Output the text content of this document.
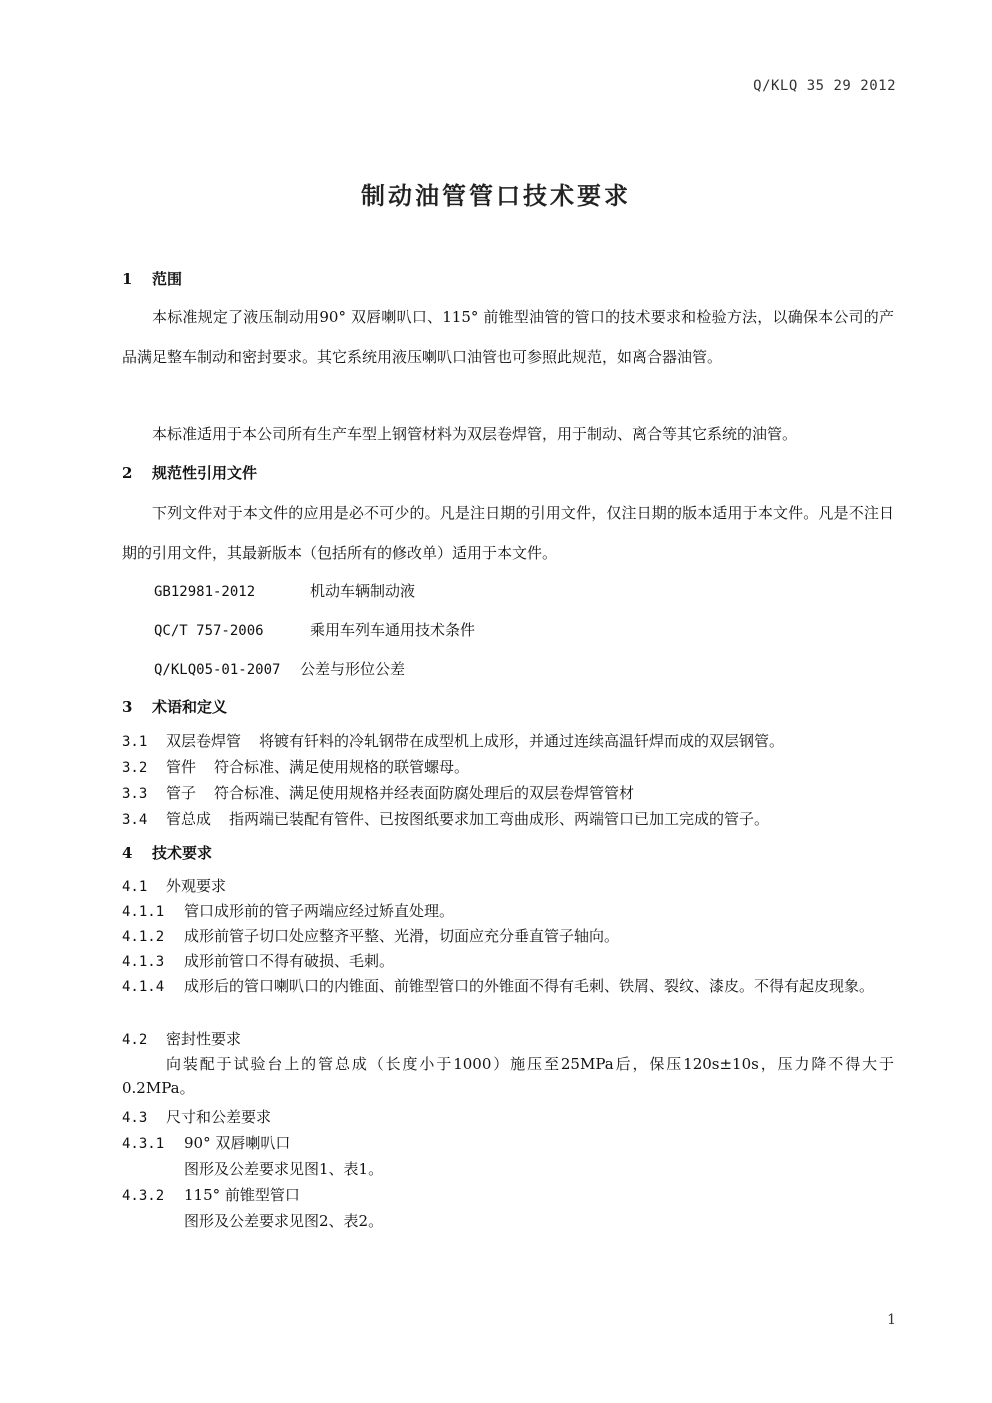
Q/KLQ 35 29 2012
制动油管管口技术要求
1 范围
本标准规定了液压制动用90° 双唇喇叭口、115° 前锥型油管的管口的技术要求和检验方法，以确保本公司的产品满足整车制动和密封要求。其它系统用液压喇叭口油管也可参照此规范，如离合器油管。
本标准适用于本公司所有生产车型上钢管材料为双层卷焊管，用于制动、离合等其它系统的油管。
2 规范性引用文件
下列文件对于本文件的应用是必不可少的。凡是注日期的引用文件，仅注日期的版本适用于本文件。凡是不注日期的引用文件，其最新版本（包括所有的修改单）适用于本文件。
GB12981-2012	机动车辆制动液
QC/T 757-2006	乘用车列车通用技术条件
Q/KLQ05-01-2007 公差与形位公差
3 术语和定义
3.1 双层卷焊管 将镀有钎料的冷轧钢带在成型机上成形，并通过连续高温钎焊而成的双层钢管。
3.2 管件 符合标准、满足使用规格的联管螺母。
3.3 管子 符合标准、满足使用规格并经表面防腐处理后的双层卷焊管管材
3.4 管总成 指两端已装配有管件、已按图纸要求加工弯曲成形、两端管口已加工完成的管子。
4 技术要求
4.1 外观要求
4.1.1 管口成形前的管子两端应经过矫直处理。
4.1.2 成形前管子切口处应整齐平整、光滑，切面应充分垂直管子轴向。
4.1.3 成形前管口不得有破损、毛刺。
4.1.4 成形后的管口喇叭口的内锥面、前锥型管口的外锥面不得有毛刺、铁屑、裂纹、漆皮。不得有起皮现象。
4.2 密封性要求
向装配于试验台上的管总成（长度小于1000）施压至25MPa后，保压120s±10s，压力降不得大于0.2MPa。
4.3 尺寸和公差要求
4.3.1 90° 双唇喇叭口
图形及公差要求见图1、表1。
4.3.2 115° 前锥型管口
图形及公差要求见图2、表2。
1
